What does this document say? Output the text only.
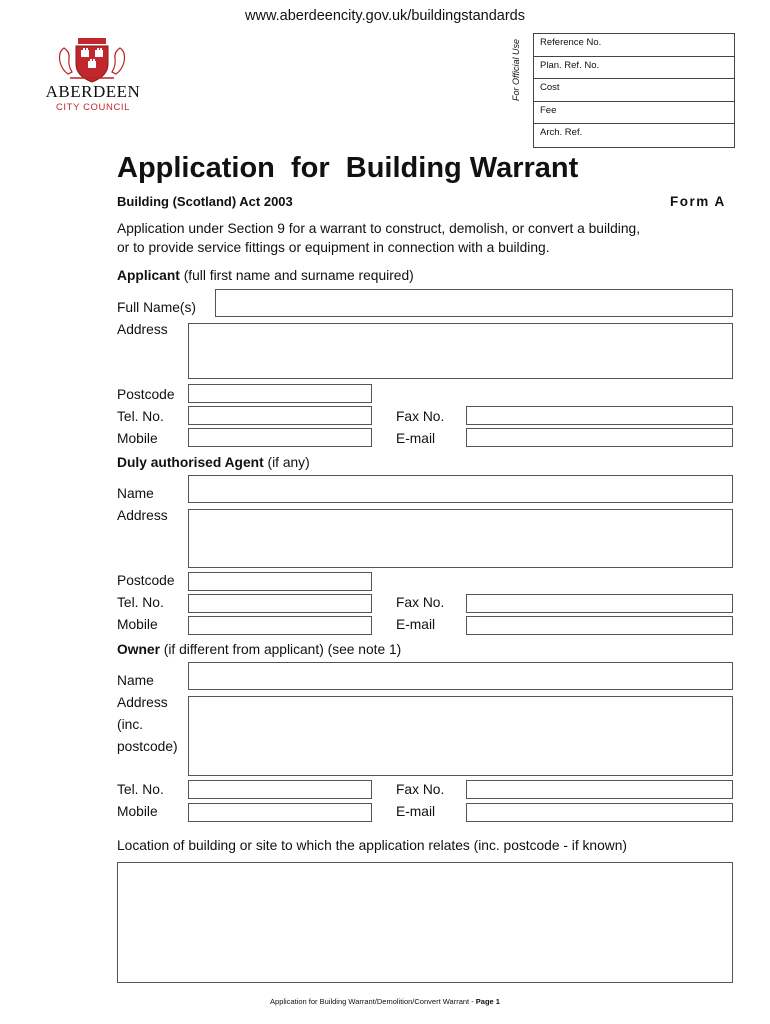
www.aberdeencity.gov.uk/buildingstandards
ABERDEEN
CITY COUNCIL
For Official Use	Reference No.
Plan. Ref. No.
Cost
Fee
Arch. Ref.
Application  for  Building Warrant
Building (Scotland) Act 2003	Form A
Application under Section 9 for a warrant to construct, demolish, or convert a building,
or to provide service fittings or equipment in connection with a building.
Applicant (full first name and surname required)
Full Name(s)
Address
Postcode
Tel. No.	Fax No.
Mobile	E-mail
Duly authorised Agent (if any)
Name
Address
Postcode
Tel. No.	Fax No.
Mobile	E-mail
Owner (if different from applicant) (see note 1)
Name
Address
(inc.
postcode)
Tel. No.	Fax No.
Mobile	E-mail
Location of building or site to which the application relates (inc. postcode - if known)
Application for Building Warrant/Demolition/Convert Warrant - Page 1
